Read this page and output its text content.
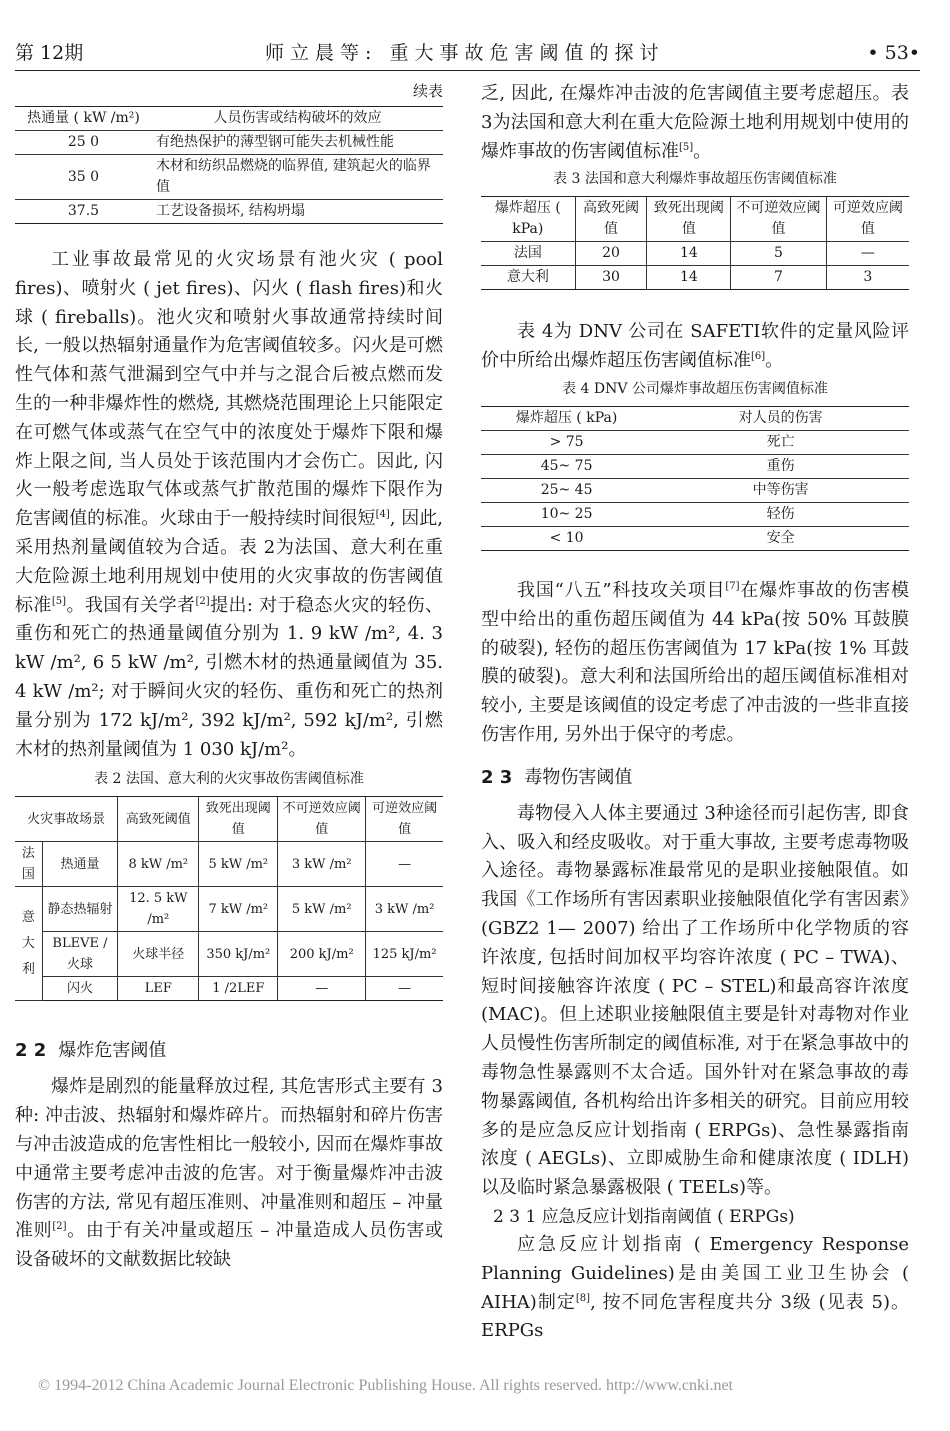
第 12期	师立晨等: 重大事故危害阈值的探讨	• 53•
续表
热通量 ( kW /m²)	人员伤害或结构破坏的效应
25 0	有绝热保护的薄型钢可能失去机械性能
35 0	木材和纺织品燃烧的临界值, 建筑起火的临界值
37.5	工艺设备损坏, 结构坍塌

工业事故最常见的火灾场景有池火灾 ( pool fires)、喷射火 ( jet fires)、闪火 ( flash fires)和火球 ( fireballs)。池火灾和喷射火事故通常持续时间长, 一般以热辐射通量作为危害阈值较多。闪火是可燃性气体和蒸气泄漏到空气中并与之混合后被点燃而发生的一种非爆炸性的燃烧, 其燃烧范围理论上只能限定在可燃气体或蒸气在空气中的浓度处于爆炸下限和爆炸上限之间, 当人员处于该范围内才会伤亡。因此, 闪火一般考虑选取气体或蒸气扩散范围的爆炸下限作为危害阈值的标准。火球由于一般持续时间很短[4], 因此, 采用热剂量阈值较为合适。表 2为法国、意大利在重大危险源土地利用规划中使用的火灾事故的伤害阈值标准[5]。我国有关学者[2]提出: 对于稳态火灾的轻伤、重伤和死亡的热通量阈值分别为 1. 9 kW /m², 4. 3 kW /m², 6 5 kW /m², 引燃木材的热通量阈值为 35. 4 kW /m²; 对于瞬间火灾的轻伤、重伤和死亡的热剂量分别为 172 kJ/m², 392 kJ/m², 592 kJ/m², 引燃木材的热剂量阈值为 1 030 kJ/m²。

表 2 法国、意大利的火灾事故伤害阈值标准
火灾事故场景		高致死阈值	致死出现阈值	不可逆效应阈值	可逆效应阈值
法国	热通量	8 kW /m²	5 kW /m²	3 kW /m²	—
意大利	静态热辐射	12. 5 kW /m²	7 kW /m²	5 kW /m²	3 kW /m²
	BLEVE / 火球	火球半径	350 kJ/m²	200 kJ/m²	125 kJ/m²
	闪火	LEF	1 /2LEF	—	—
2 2 爆炸危害阈值

爆炸是剧烈的能量释放过程, 其危害形式主要有 3种: 冲击波、热辐射和爆炸碎片。而热辐射和碎片伤害与冲击波造成的危害性相比一般较小, 因而在爆炸事故中通常主要考虑冲击波的危害。对于衡量爆炸冲击波伤害的方法, 常见有超压准则、冲量准则和超压 – 冲量准则[2]。由于有关冲量或超压 – 冲量造成人员伤害或设备破坏的文献数据比较缺

乏, 因此, 在爆炸冲击波的危害阈值主要考虑超压。表 3为法国和意大利在重大危险源土地利用规划中使用的爆炸事故的伤害阈值标准[5]。

表 3 法国和意大利爆炸事故超压伤害阈值标准
爆炸超压 ( kPa)	高致死阈值	致死出现阈值	不可逆效应阈值	可逆效应阈值
法国	20	14	5	—
意大利	30	14	7	3

表 4为 DNV 公司在 SAFETI软件的定量风险评价中所给出爆炸超压伤害阈值标准[6]。

表 4 DNV 公司爆炸事故超压伤害阈值标准
爆炸超压 ( kPa)	对人员的伤害
> 75	死亡
45~ 75	重伤
25~ 45	中等伤害
10~ 25	轻伤
< 10	安全

我国“八五”科技攻关项目[7]在爆炸事故的伤害模型中给出的重伤超压阈值为 44 kPa(按 50% 耳鼓膜的破裂), 轻伤的超压伤害阈值为 17 kPa(按 1% 耳鼓膜的破裂)。意大利和法国所给出的超压阈值标准相对较小, 主要是该阈值的设定考虑了冲击波的一些非直接伤害作用, 另外出于保守的考虑。

2 3 毒物伤害阈值

毒物侵入人体主要通过 3种途径而引起伤害, 即食入、吸入和经皮吸收。对于重大事故, 主要考虑毒物吸入途径。毒物暴露标准最常见的是职业接触限值。如我国《工作场所有害因素职业接触限值化学有害因素》(GBZ2 1— 2007) 给出了工作场所中化学物质的容许浓度, 包括时间加权平均容许浓度 ( PC – TWA)、短时间接触容许浓度 ( PC – STEL)和最高容许浓度 (MAC)。但上述职业接触限值主要是针对毒物对作业人员慢性伤害所制定的阈值标准, 对于在紧急事故中的毒物急性暴露则不太合适。国外针对在紧急事故的毒物暴露阈值, 各机构给出许多相关的研究。目前应用较多的是应急反应计划指南 ( ERPGs)、急性暴露指南浓度 ( AEGLs)、立即威胁生命和健康浓度 ( IDLH)以及临时紧急暴露极限 ( TEELs)等。

2 3 1 应急反应计划指南阈值 ( ERPGs)

应急反应计划指南 ( Emergency Response Planning Guidelines)是由美国工业卫生协会 ( AIHA)制定[8], 按不同危害程度共分 3级 (见表 5)。ERPGs

© 1994-2012 China Academic Journal Electronic Publishing House. All rights reserved. http://www.cnki.net
